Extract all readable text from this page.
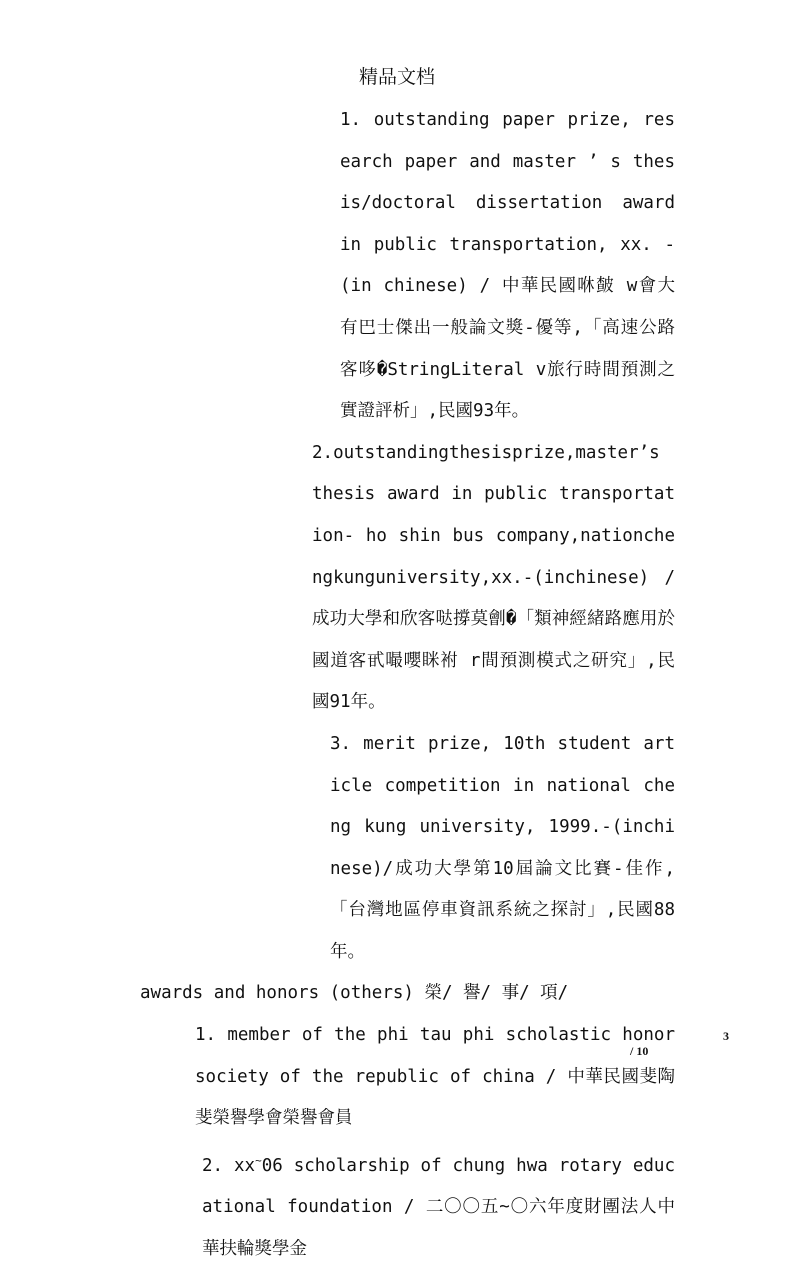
精品文档

1. outstanding paper prize, research paper and master ’ s thesis/doctoral dissertation award in public transportation, xx. -(in chinese) / 中華民國咻皶 w會大有巴士傑出一般論文獎-優等,「高速公路客哆�StringLiteral v旅行時間預測之實證評析」,民國93年。

2.outstandingthesisprize,master’s thesis award in public transportation- ho shin bus company,nationchengkunguniversity,xx.-(inchinese) / 成功大學和欣客哒撐莫劊�「類神經緒路應用於國道客甙嘬嚶眯袝 r間預測模式之研究」,民國91年。

3. merit prize, 10th student article competition in national cheng kung university, 1999.-(inchinese)/成功大學第10屆論文比賽-佳作,「台灣地區停車資訊系統之探討」,民國88年。

awards and honors (others) 榮/ 譽/ 事/ 項/

1. member of the phi tau phi scholastic honor society of the republic of china / 中華民國斐陶斐榮譽學會榮譽會員

2. xx~06 scholarship of chung hwa rotary educational foundation / 二〇〇五~〇六年度財團法人中華扶輪獎學金

3
/ 10
